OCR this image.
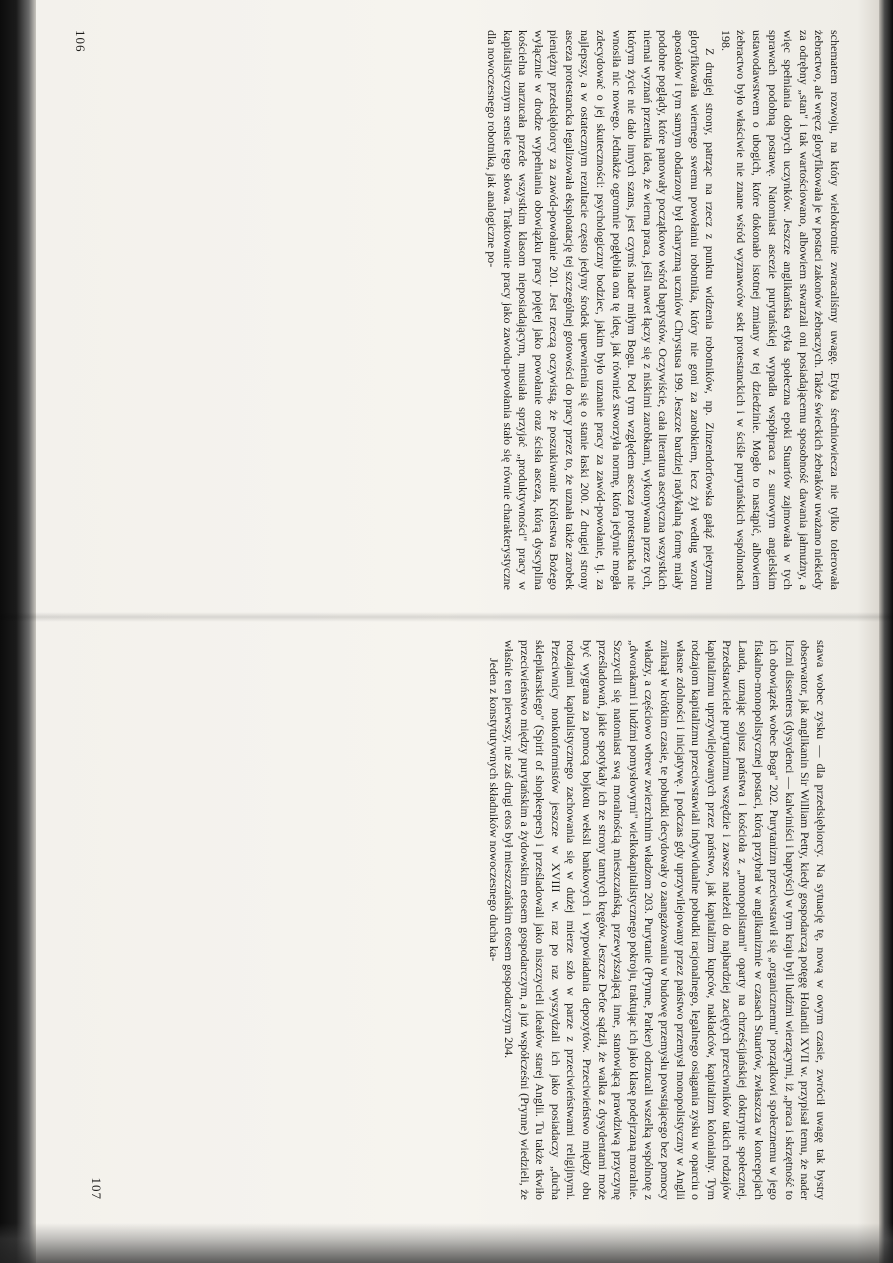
schematem rozwoju, na który wielokrotnie zwracaliśmy uwagę. Etyka średniowiecza nie tylko tolerowała żebractwo, ale wręcz gloryfikowała je w postaci zakonów żebraczych. Także świeckich żebraków uważano niekiedy za odrębny „stan" i tak wartościowano, albowiem stwarzali oni posiadającemu sposobność dawania jałmużny, a więc spełniania dobrych uczynków. Jeszcze anglikańska etyka społeczna epoki Stuartów zajmowała w tych sprawach podobną postawę. Natomiast ascezie purytańskiej wypadła współpraca z surowym angielskim ustawodawstwem o ubogich, które dokonało istotnej zmiany w tej dziedzinie. Mogło to nastąpić, albowiem żebractwo było właściwie nie znane wśród wyznawców sekt protestanckich i w ściśle purytańskich wspólnotach 198.

Z drugiej strony, patrząc na rzecz z punktu widzenia robotników, np. Zinzendorfowska gałąź pietyzmu gloryfikowała wiernego swemu powołaniu robotnika, który nie goni za zarobkiem, lecz żył według wzoru apostołów i tym samym obdarzony był charyzmą uczniów Chrystusa 199. Jeszcze bardziej radykalną formę miały podobne poglądy, które panowały początkowo wśród baptystów. Oczywiście, cała literatura ascetyczna wszystkich niemal wyznań przenika idea, że wierna praca, jeśli nawet łączy się z niskimi zarobkami, wykonywana przez tych, którym życie nie dało innych szans, jest czymś nader miłym Bogu. Pod tym względem asceza protestancka nie wnosiła nic nowego. Jednakże ogromnie pogłębiła ona tę ideę, jak również stworzyła normę, która jedynie mogła zdecydować o jej skuteczności: psychologiczny bodziec, jakim było uznanie pracy za zawód-powołanie, tj. za najlepszy, a w ostatecznym rezultacie często jedyny środek upewnienia się o stanie łaski 200. Z drugiej strony asceza protestancka legalizowała eksploatację tej szczególnej gotowości do pracy przez to, że uznała także zarobek pieniężny przedsiębiorcy za zawód-powołanie 201. Jest rzeczą oczywistą, że poszukiwanie Królestwa Bożego wyłącznie w drodze wypełniania obowiązku pracy pojętej jako powołanie oraz ścisła asceza, którą dyscyplina kościelna narzucała przede wszystkim klasom nieposiadającym, musiała sprzyjać „produktywności" pracy w kapitalistycznym sensie tego słowa. Traktowanie pracy jako zawodu-powołania stało się równie charakterystyczne dla nowoczesnego robotnika, jak analogiczne po-

106

stawa wobec zysku — dla przedsiębiorcy. Na sytuację tę, nową w owym czasie, zwrócił uwagę tak bystry obserwator, jak anglikanin Sir William Petty, kiedy gospodarczą potęgę Holandii XVII w. przypisał temu, że nader liczni dissenters (dysydenci — kalwiniści i baptyści) w tym kraju byli ludźmi wierzącymi, iż „praca i skrzętność to ich obowiązek wobec Boga" 202. Purytanizm przeciwstawił się „organicznemu" porządkowi społecznemu w jego fiskalno-monopolistycznej postaci, którą przybrał w anglikanizmie w czasach Stuartów, zwłaszcza w koncepcjach Lauda, uznając sojusz państwa i kościoła z „monopolistami" oparty na chrześcijańskiej doktrynie społecznej. Przedstawiciele purytanizmu wszędzie i zawsze należeli do najbardziej zaciętych przeciwników takich rodzajów kapitalizmu uprzywilejowanych przez państwo, jak kapitalizm kupców, nakładców, kapitalizm kolonialny. Tym rodzajom kapitalizmu przeciwstawiali indywidualne pobudki racjonalnego, legalnego osiągania zysku w oparciu o własne zdolności i inicjatywę. I podczas gdy uprzywilejowany przez państwo przemysł monopolistyczny w Anglii zniknął w krótkim czasie, te pobudki decydowały o zaangażowaniu w budowę przemysłu powstającego bez pomocy władzy, a częściowo wbrew zwierzchnim władzom 203. Purytanie (Prynne, Parker) odrzucali wszelką wspólnotę z „dworakami i ludźmi pomysłowymi" wielkokapitalistycznego pokroju, traktując ich jako klasę podejrzaną moralnie. Szczycili się natomiast swą moralnością mieszczańską, przewyższającą inne, stanowiącą prawdziwą przyczynę prześladowań, jakie spotykały ich ze strony tamtych kręgów. Jeszcze Defoe sądził, że walka z dysydentami może być wygrana za pomocą bojkotu weksli bankowych i wypowiadania depozytów. Przeciwieństwo między obu rodzajami kapitalistycznego zachowania się w dużej mierze szło w parze z przeciwieństwami religijnymi. Przeciwnicy nonkonformistów jeszcze w XVIII w. raz po raz wyszydzali ich jako posiadaczy „ducha sklepikarskiego" (Spirit of shopkeepers) i prześladowali jako niszczycieli ideałów starej Anglii. Tu także tkwiło przeciwieństwo między purytańskim a żydowskim etosem gospodarczym, a już współcześni (Prynne) wiedzieli, że właśnie ten pierwszy, nie zaś drugi etos był mieszczańskim etosem gospodarczym 204.

Jeden z konstytutywnych składników nowoczesnego ducha ka-

107
